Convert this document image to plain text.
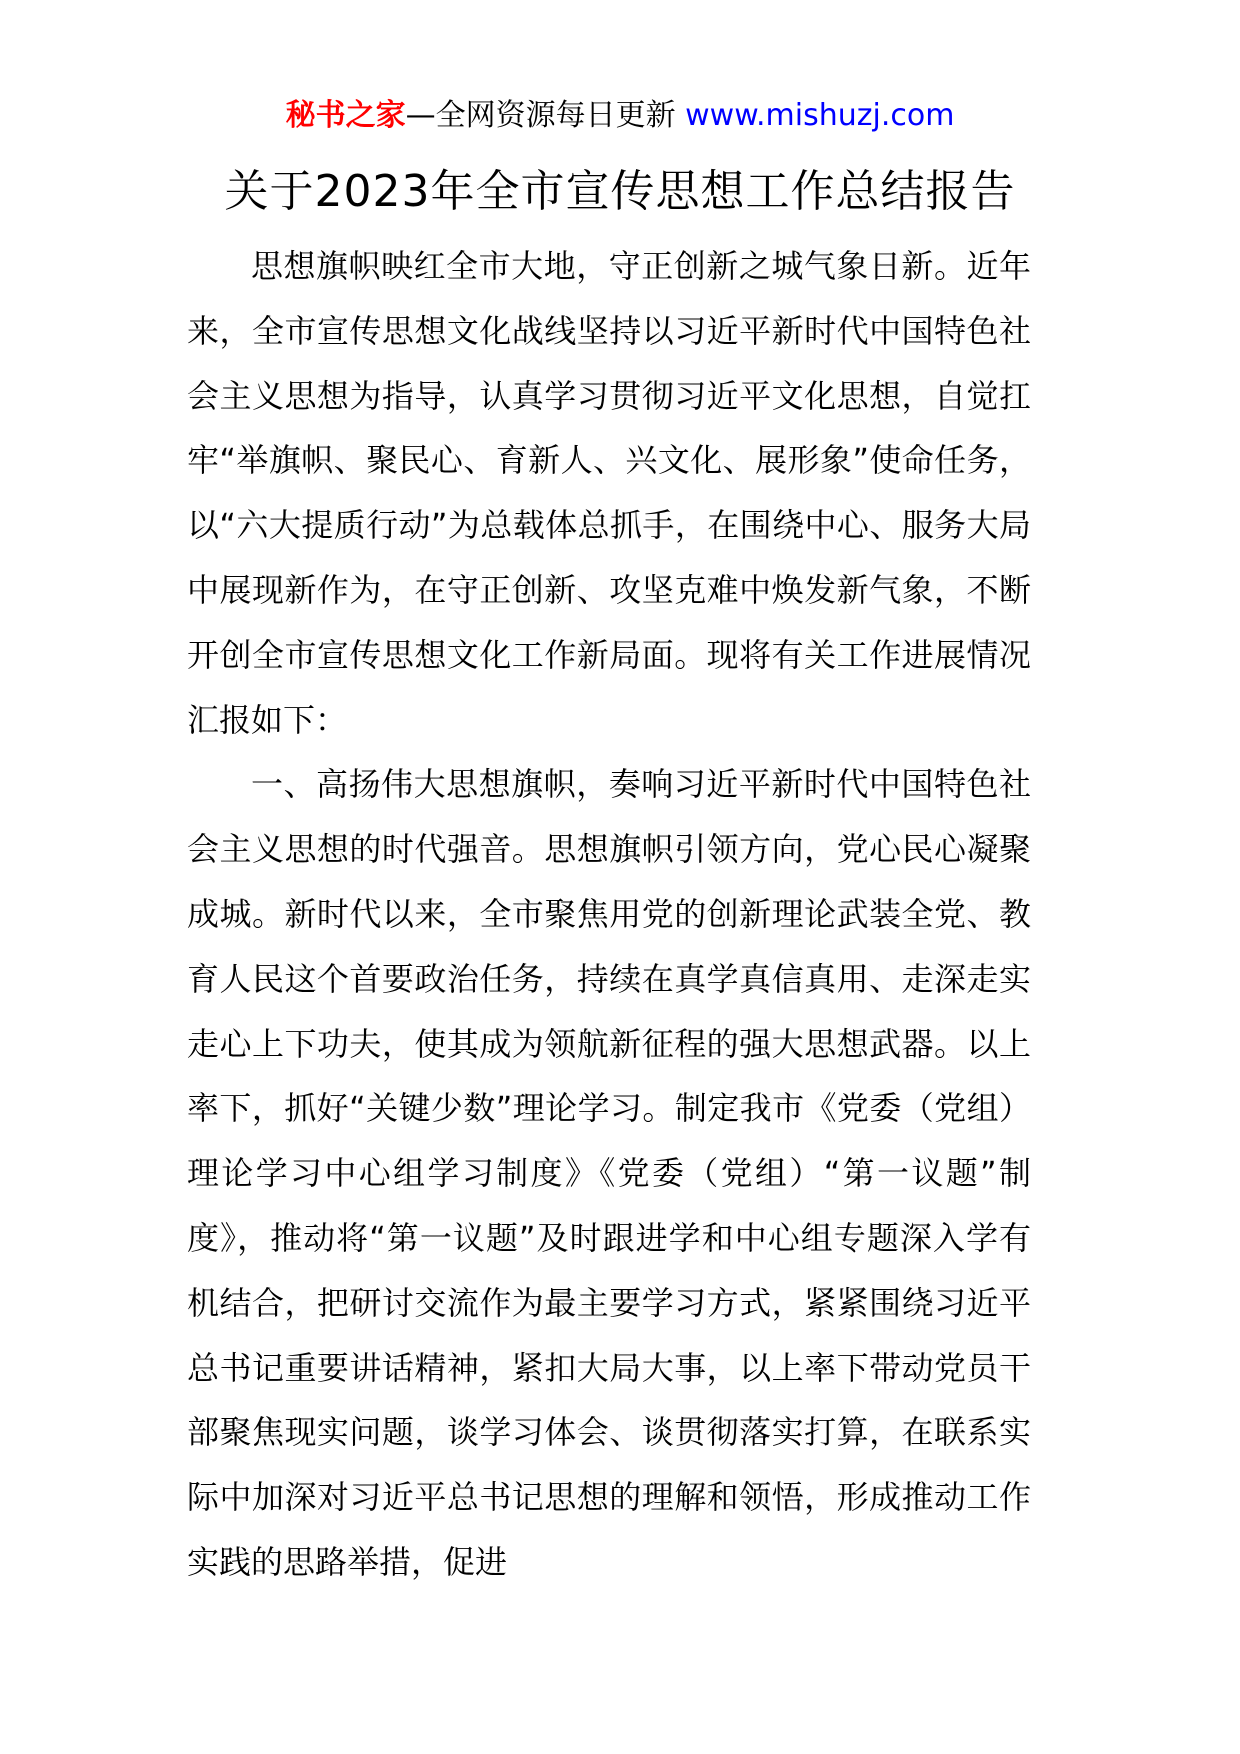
秘书之家—全网资源每日更新 www.mishuzj.com
关于2023年全市宣传思想工作总结报告

思想旗帜映红全市大地，守正创新之城气象日新。近年来，全市宣传思想文化战线坚持以习近平新时代中国特色社会主义思想为指导，认真学习贯彻习近平文化思想，自觉扛牢“举旗帜、聚民心、育新人、兴文化、展形象”使命任务，以“六大提质行动”为总载体总抓手，在围绕中心、服务大局中展现新作为，在守正创新、攻坚克难中焕发新气象，不断开创全市宣传思想文化工作新局面。现将有关工作进展情况汇报如下：

一、高扬伟大思想旗帜，奏响习近平新时代中国特色社会主义思想的时代强音。思想旗帜引领方向，党心民心凝聚成城。新时代以来，全市聚焦用党的创新理论武装全党、教育人民这个首要政治任务，持续在真学真信真用、走深走实走心上下功夫，使其成为领航新征程的强大思想武器。以上率下，抓好“关键少数”理论学习。制定我市《党委（党组）理论学习中心组学习制度》《党委（党组）“第一议题”制度》，推动将“第一议题”及时跟进学和中心组专题深入学有机结合，把研讨交流作为最主要学习方式，紧紧围绕习近平总书记重要讲话精神，紧扣大局大事，以上率下带动党员干部聚焦现实问题，谈学习体会、谈贯彻落实打算，在联系实际中加深对习近平总书记思想的理解和领悟，形成推动工作实践的思路举措，促进
